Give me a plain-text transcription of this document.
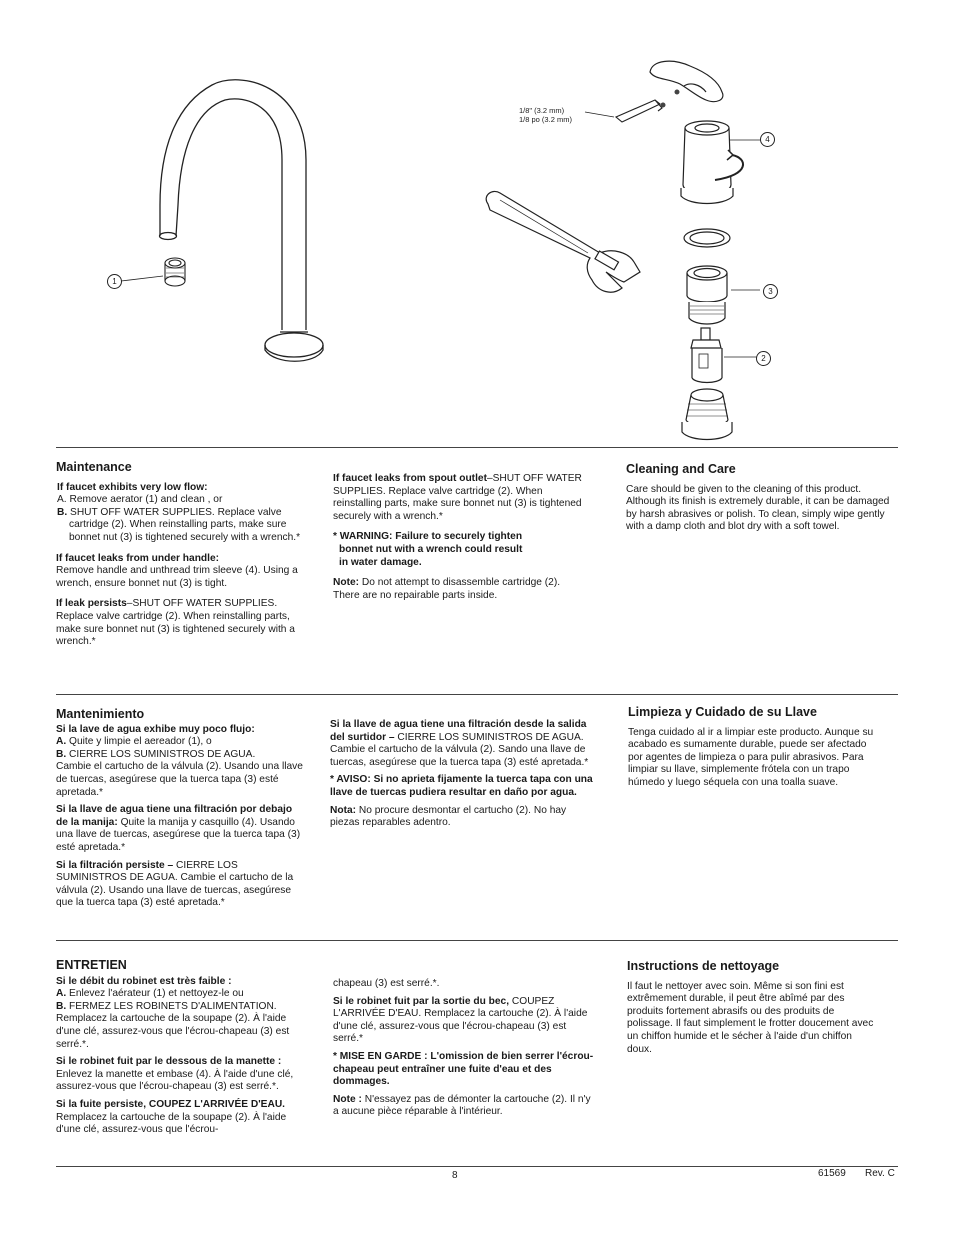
1
4
3
2
1/8" (3.2 mm)
1/8 po (3.2 mm)
Maintenance

If faucet exhibits very low flow:
A. Remove aerator (1) and clean , or
B. SHUT OFF WATER SUPPLIES. Replace valve
cartridge (2). When reinstalling parts, make sure bonnet nut (3) is tightened securely with a wrench.*

If faucet leaks from under handle:
Remove handle and unthread trim sleeve (4). Using a wrench, ensure bonnet nut (3) is tight.

If leak persists–SHUT OFF WATER SUPPLIES. Replace valve cartridge (2). When reinstalling parts, make sure bonnet nut (3) is tightened securely with a wrench.*

If faucet leaks from spout outlet–SHUT OFF WATER SUPPLIES. Replace valve cartridge (2). When reinstalling parts, make sure bonnet nut (3) is tightened securely with a wrench.*

* WARNING: Failure to securely tighten
bonnet nut with a wrench could result
in water damage.

Note: Do not attempt to disassemble cartridge (2). There are no repairable parts inside.

Cleaning and Care

Care should be given to the cleaning of this product. Although its finish is extremely durable, it can be damaged by harsh abrasives or polish. To clean, simply wipe gently with a damp cloth and blot dry with a soft towel.

Mantenimiento

Si la lave de agua exhibe muy poco flujo:
A. Quite y limpie el aereador (1), o
B. CIERRE LOS SUMINISTROS DE AGUA.
Cambie el cartucho de la válvula (2). Usando una llave de tuercas, asegúrese que la tuerca tapa (3) esté apretada.*

Si la llave de agua tiene una filtración por debajo de la manija: Quite la manija y casquillo (4). Usando una llave de tuercas, asegúrese que la tuerca tapa (3) esté apretada.*

Si la filtración persiste – CIERRE LOS SUMINISTROS DE AGUA. Cambie el cartucho de la válvula (2). Usando una llave de tuercas, asegúrese que la tuerca tapa (3) esté apretada.*

Si la llave de agua tiene una filtración desde la salida del surtidor – CIERRE LOS SUMINISTROS DE AGUA. Cambie el cartucho de la válvula (2). Sando una llave de tuercas, asegúrese que la tuerca tapa (3) esté apretada.*

* AVISO: Si no aprieta fijamente la tuerca tapa con una llave de tuercas pudiera resultar en daño por agua.

Nota: No procure desmontar el cartucho (2). No hay piezas reparables adentro.

Limpieza y Cuidado de su Llave

Tenga cuidado al ir a limpiar este producto. Aunque su acabado es sumamente durable, puede ser afectado por agentes de limpieza o para pulir abrasivos. Para limpiar su llave, simplemente frótela con un trapo húmedo y luego séquela con una toalla suave.

ENTRETIEN

Si le débit du robinet est très faible :
A. Enlevez l'aérateur (1) et nettoyez-le ou
B. FERMEZ LES ROBINETS D'ALIMENTATION.
Remplacez la cartouche de la soupape (2). À l'aide d'une clé, assurez-vous que l'écrou-chapeau (3) est serré.*.

Si le robinet fuit par le dessous de la manette : Enlevez la manette et embase (4). À l'aide d'une clé, assurez-vous que l'écrou-chapeau (3) est serré.*.

Si la fuite persiste, COUPEZ L'ARRIVÉE D'EAU. Remplacez la cartouche de la soupape (2). À l'aide d'une clé, assurez-vous que l'écrou-

chapeau (3) est serré.*.

Si le robinet fuit par la sortie du bec, COUPEZ L'ARRIVÉE D'EAU. Remplacez la cartouche (2). À l'aide d'une clé, assurez-vous que l'écrou-chapeau (3) est serré.*

* MISE EN GARDE : L'omission de bien serrer l'écrou-chapeau peut entraîner une fuite d'eau et des dommages.

Note : N'essayez pas de démonter la cartouche (2). Il n'y a aucune pièce réparable à l'intérieur.

Instructions de nettoyage

Il faut le nettoyer avec soin. Même si son fini est extrêmement durable, il peut être abîmé par des produits fortement abrasifs ou des produits de polissage. Il faut simplement le frotter doucement avec un chiffon humide et le sécher à l'aide d'un chiffon doux.

8	61569 Rev. C
